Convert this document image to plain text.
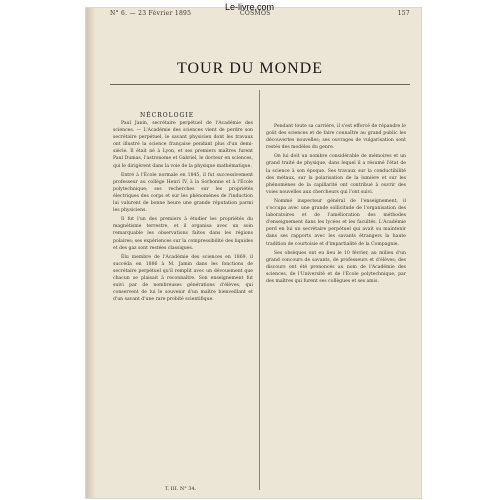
Le-livre.com
N° 6. — 23 Février 1895	COSMOS	157
TOUR DU MONDE
NÉCROLOGIE

Paul Janin, secrétaire perpétuel de l'Académie des sciences. — L'Académie des sciences vient de perdre son secrétaire perpétuel, le savant physicien dont les travaux ont illustré la science française pendant plus d'un demi-siècle. Il était né à Lyon, et ses premiers maîtres furent Paul Dumas, l'astronome et Gabriel, le docteur en sciences, qui le dirigèrent dans la voie de la physique mathématique.

Entré à l'École normale en 1845, il fut successivement professeur au collège Henri IV, à la Sorbonne et à l'École polytechnique; ses recherches sur les propriétés électriques des corps et sur les phénomènes de l'induction lui valurent de bonne heure une grande réputation parmi les physiciens.

Il fut l'un des premiers à étudier les propriétés du magnétisme terrestre, et il organisa avec un soin remarquable les observations faites dans les régions polaires; ses expériences sur la compressibilité des liquides et des gaz sont restées classiques.

Élu membre de l'Académie des sciences en 1869, il succéda en 1886 à M. Jamin dans les fonctions de secrétaire perpétuel qu'il remplit avec un dévouement que chacun se plaisait à reconnaître. Son enseignement fut suivi par de nombreuses générations d'élèves, qui conservent de lui le souvenir d'un maître bienveillant et d'un savant d'une rare probité scientifique.

Pendant toute sa carrière, il s'est efforcé de répandre le goût des sciences et de faire connaître au grand public les découvertes nouvelles; ses ouvrages de vulgarisation sont restés des modèles du genre.

On lui doit un nombre considérable de mémoires et un grand traité de physique, dans lequel il a résumé l'état de la science à son époque. Ses travaux sur la conductibilité des métaux, sur la polarisation de la lumière et sur les phénomènes de la capillarité ont contribué à ouvrir des voies nouvelles aux chercheurs qui l'ont suivi.

Nommé inspecteur général de l'enseignement, il s'occupa avec une grande sollicitude de l'organisation des laboratoires et de l'amélioration des méthodes d'enseignement dans les lycées et les facultés. L'Académie perd en lui un secrétaire perpétuel qui avait su maintenir dans ses rapports avec les savants étrangers la haute tradition de courtoisie et d'impartialité de la Compagnie.

Ses obsèques ont eu lieu le 10 février, au milieu d'un grand concours de savants, de professeurs et d'élèves; des discours ont été prononcés au nom de l'Académie des sciences, de l'Université et de l'École polytechnique, par des maîtres qui furent ses collègues et ses amis.

T. III. N° 34.
